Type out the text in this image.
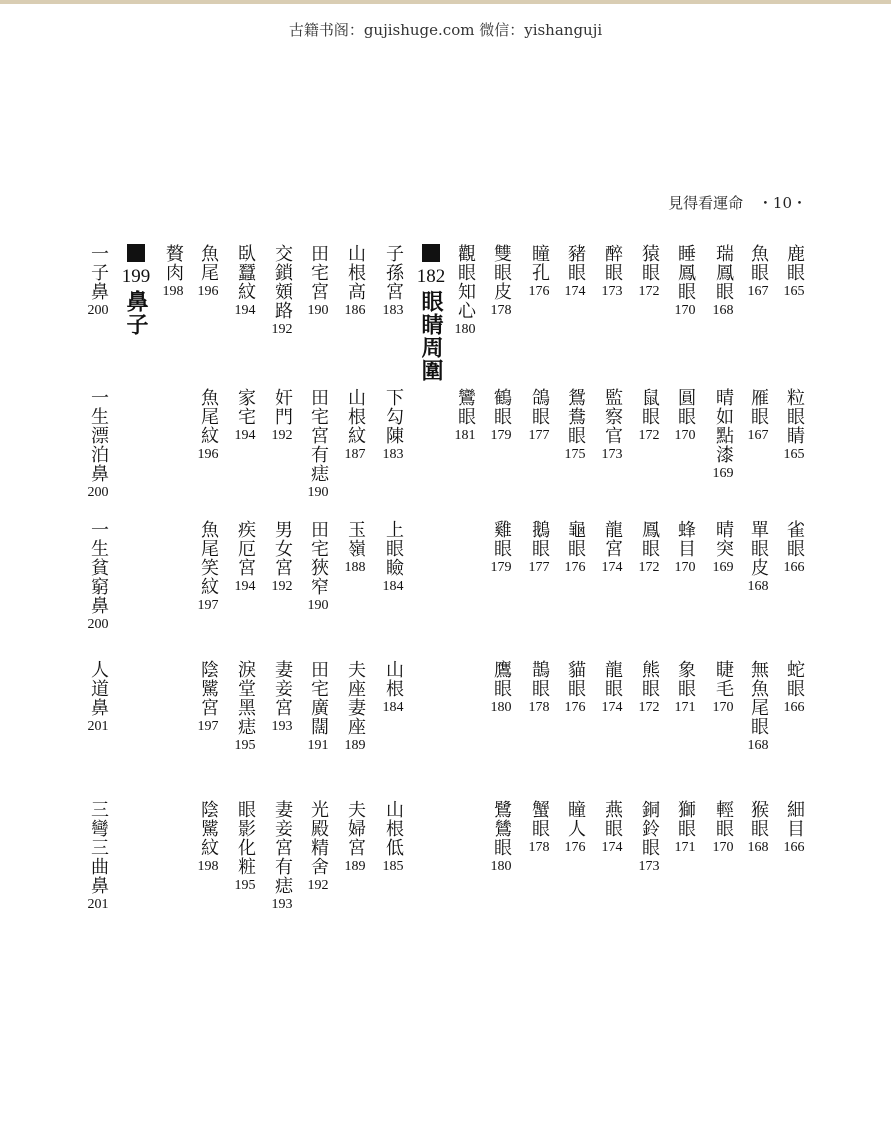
古籍书阁：gujishuge.com 微信：yishanguji
見得看運命 ・10・
鹿眼
165
粒眼睛
165
雀眼
166
蛇眼
166
細目
166
魚眼
167
雁眼
167
單眼皮
168
無魚尾眼
168
猴眼
168
瑞鳳眼
168
晴如點漆
169
晴突
169
睫毛
170
輕眼
170
睡鳳眼
170
圓眼
170
蜂目
170
象眼
171
獅眼
171
猿眼
172
鼠眼
172
鳳眼
172
熊眼
172
銅鈴眼
173
醉眼
173
監察官
173
龍宮
174
龍眼
174
燕眼
174
豬眼
174
鴛鴦眼
175
龜眼
176
貓眼
176
瞳人
176
瞳孔
176
鴿眼
177
鵝眼
177
鵲眼
178
蟹眼
178
雙眼皮
178
鶴眼
179
雞眼
179
鷹眼
180
鷺鷥眼
180
觀眼知心
180
鸞眼
181
眼睛周圍
182
子孫宮
183
下勾陳
183
上眼瞼
184
山根
184
山根低
185
山根高
186
山根紋
187
玉嶺
188
夫座妻座
189
夫婦宮
189
田宅宮
190
田宅宮有痣
190
田宅狹窄
190
田宅廣闊
191
光殿精舍
192
交鎖頞路
192
奸門
192
男女宮
192
妻妾宮
193
妻妾宮有痣
193
臥蠶紋
194
家宅
194
疾厄宮
194
淚堂黑痣
195
眼影化粧
195
魚尾
196
魚尾紋
196
魚尾笑紋
197
陰騭宮
197
陰騭紋
198
贅肉
198
鼻子
199
一子鼻
200
一生漂泊鼻
200
一生貧窮鼻
200
人道鼻
201
三彎三曲鼻
201
